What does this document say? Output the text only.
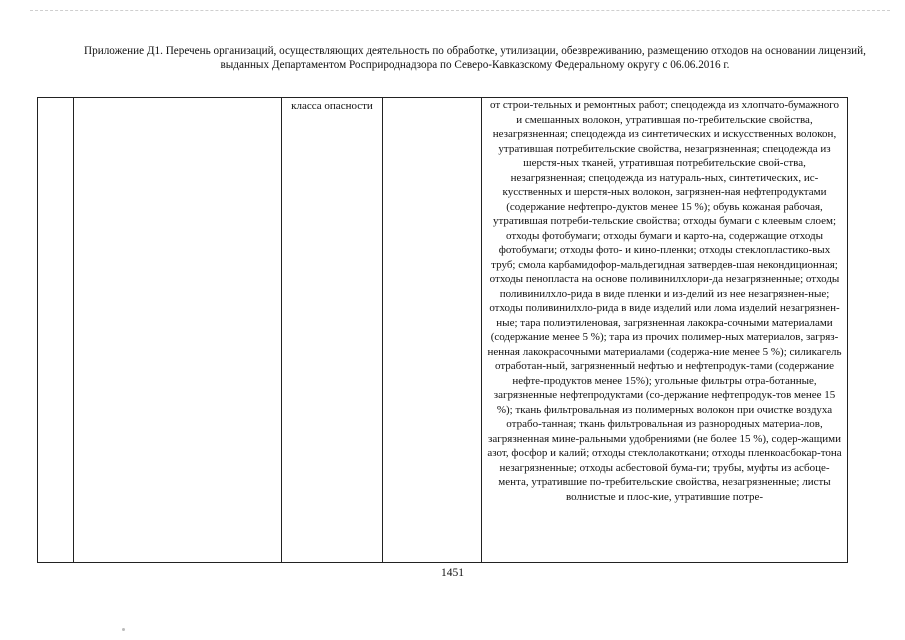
Приложение Д1. Перечень организаций, осуществляющих деятельность по обработке, утилизации, обезвреживанию, размещению отходов на основании лицензий, выданных Департаментом Росприроднадзора по Северо-Кавказскому Федеральному округу с 06.06.2016 г.
		класса опасности		от строи-тельных и ремонтных работ; спецодежда из хлопчато-бумажного и смешанных волокон, утратившая по-требительские свойства, незагрязненная; спецодежда из синтетических и искусственных волокон, утратившая потребительские свойства, незагрязненная; спецодежда из шерстя-ных тканей, утратившая потребительские свой-ства, незагрязненная; спецодежда из натураль-ных, синтетических, ис-кусственных и шерстя-ных волокон, загрязнен-ная нефтепродуктами (содержание нефтепро-дуктов менее 15 %); обувь кожаная рабочая, утратившая потреби-тельские свойства; отходы бумаги с клеевым слоем; отходы фотобумаги; отходы бумаги и карто-на, содержащие отходы фотобумаги; отходы фото- и кино-пленки; отходы стеклопластико-вых труб; смола карбамидофор-мальдегидная затвердев-шая некондиционная; отходы пенопласта на основе поливинилхлори-да незагрязненные; отходы поливинилхло-рида в виде пленки и из-делий из нее незагрязнен-ные; отходы поливинилхло-рида в виде изделий или лома изделий незагрязнен-ные; тара полиэтиленовая, загрязненная лакокра-сочными материалами (содержание менее 5 %); тара из прочих полимер-ных материалов, загряз-ненная лакокрасочными материалами (содержа-ние менее 5 %); силикагель отработан-ный, загрязненный нефтью и нефтепродук-тами (содержание нефте-продуктов менее 15%); угольные фильтры отра-ботанные, загрязненные нефтепродуктами (со-держание нефтепродук-тов менее 15 %); ткань фильтровальная из полимерных волокон при очистке воздуха отрабо-танная; ткань фильтровальная из разнородных материа-лов, загрязненная мине-ральными удобрениями (не более 15 %), содер-жащими азот, фосфор и калий; отходы стеклолакоткани; отходы пленкоасбокар-тона незагрязненные; отходы асбестовой бума-ги; трубы, муфты из асбоце-мента, утратившие по-требительские свойства, незагрязненные; листы волнистые и плос-кие, утратившие потре-
1451
